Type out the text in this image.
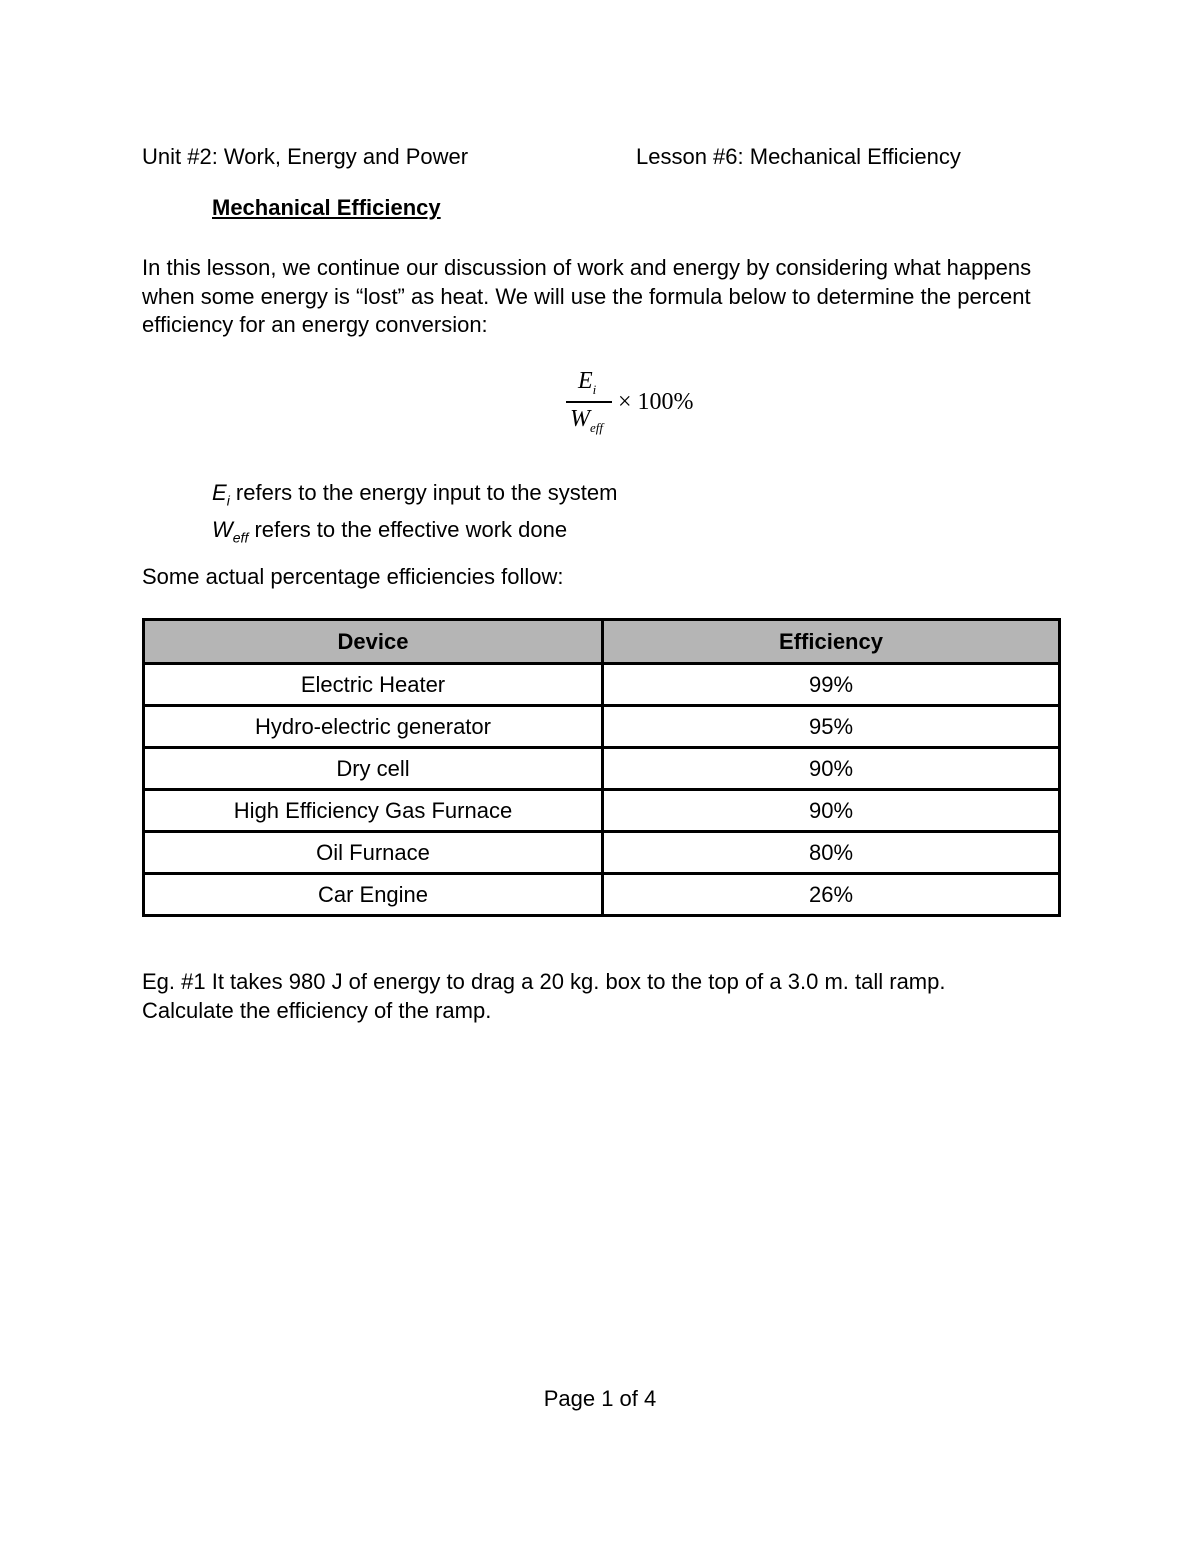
Unit #2: Work, Energy and Power	Lesson #6: Mechanical Efficiency
Mechanical Efficiency
In this lesson, we continue our discussion of work and energy by considering what happens
when some energy is “lost” as heat. We will use the formula below to determine the percent
efficiency for an energy conversion:
$E_i$
$W_{eff}$
× 100%
$E_i$ refers to the energy input to the system
$W_{eff}$ refers to the effective work done
Some actual percentage efficiencies follow:
Device	Efficiency
Electric Heater	99%
Hydro-electric generator	95%
Dry cell	90%
High Efficiency Gas Furnace	90%
Oil Furnace	80%
Car Engine	26%
Eg. #1 It takes 980 J of energy to drag a 20 kg. box to the top of a 3.0 m. tall ramp.
Calculate the efficiency of the ramp.
Page 1 of 4
